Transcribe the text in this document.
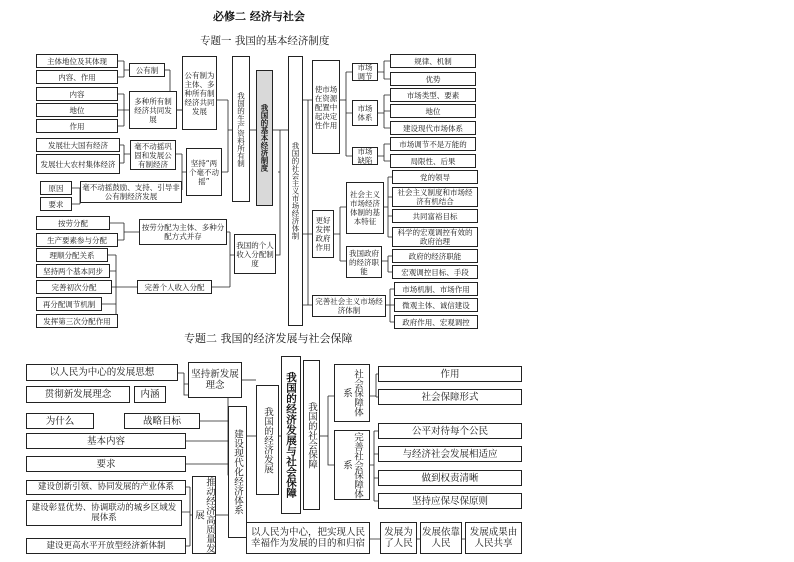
必修二 经济与社会
专题一 我国的基本经济制度
专题二 我国的经济发展与社会保障
主体地位及其体现
内容、作用
公有制
内容
地位
作用
多种所有制经济共同发展
公有制为主体、多种所有制经济共同发展
发展壮大国有经济
发展壮大农村集体经济
毫不动摇巩固和发展公有制经济
原因
要求
毫不动摇鼓励、支持、引导非公有制经济发展
坚持“两个毫不动摇”
我国的生产资料所有制
按劳分配
生产要素参与分配
按劳分配为主体、多种分配方式并存
理顺分配关系
坚持两个基本同步
完善初次分配
再分配调节机制
发挥第三次分配作用
完善个人收入分配
我国的个人收入分配制度
我国的基本经济制度
我国的社会主义市场经济体制
使市场在资源配置中起决定性作用
市场调节
市场体系
市场缺陷
规律、机制
优势
市场类型、要素
地位
建设现代市场体系
市场调节不是万能的
局限性、后果
更好发挥政府作用
社会主义市场经济体制的基本特征
我国政府的经济职能
党的领导
社会主义制度和市场经济有机结合
共同富裕目标
科学的宏观调控有效的政府治理
政府的经济职能
宏观调控目标、手段
完善社会主义市场经济体制
市场机制、市场作用
微观主体、诚信建设
政府作用、宏观调控
以人民为中心的发展思想
贯彻新发展理念	内涵
坚持新发展理念
为什么	战略目标
基本内容
要求
建设创新引领、协同发展的产业体系
建设彰显优势、协调联动的城乡区域发展体系
建设更高水平开放型经济新体制	推动经济高质量发展
建设现代化经济体系	我国的经济发展	我国的经济发展与社会保障 我国的社会保障
社会保障体系
完善社会保障体系
作用
社会保障形式
公平对待每个公民
与经济社会发展相适应
做到权责清晰
坚持应保尽保原则
以人民为中心，把实现人民幸福作为发展的目的和归宿
发展为了人民
发展依靠人民
发展成果由人民共享
